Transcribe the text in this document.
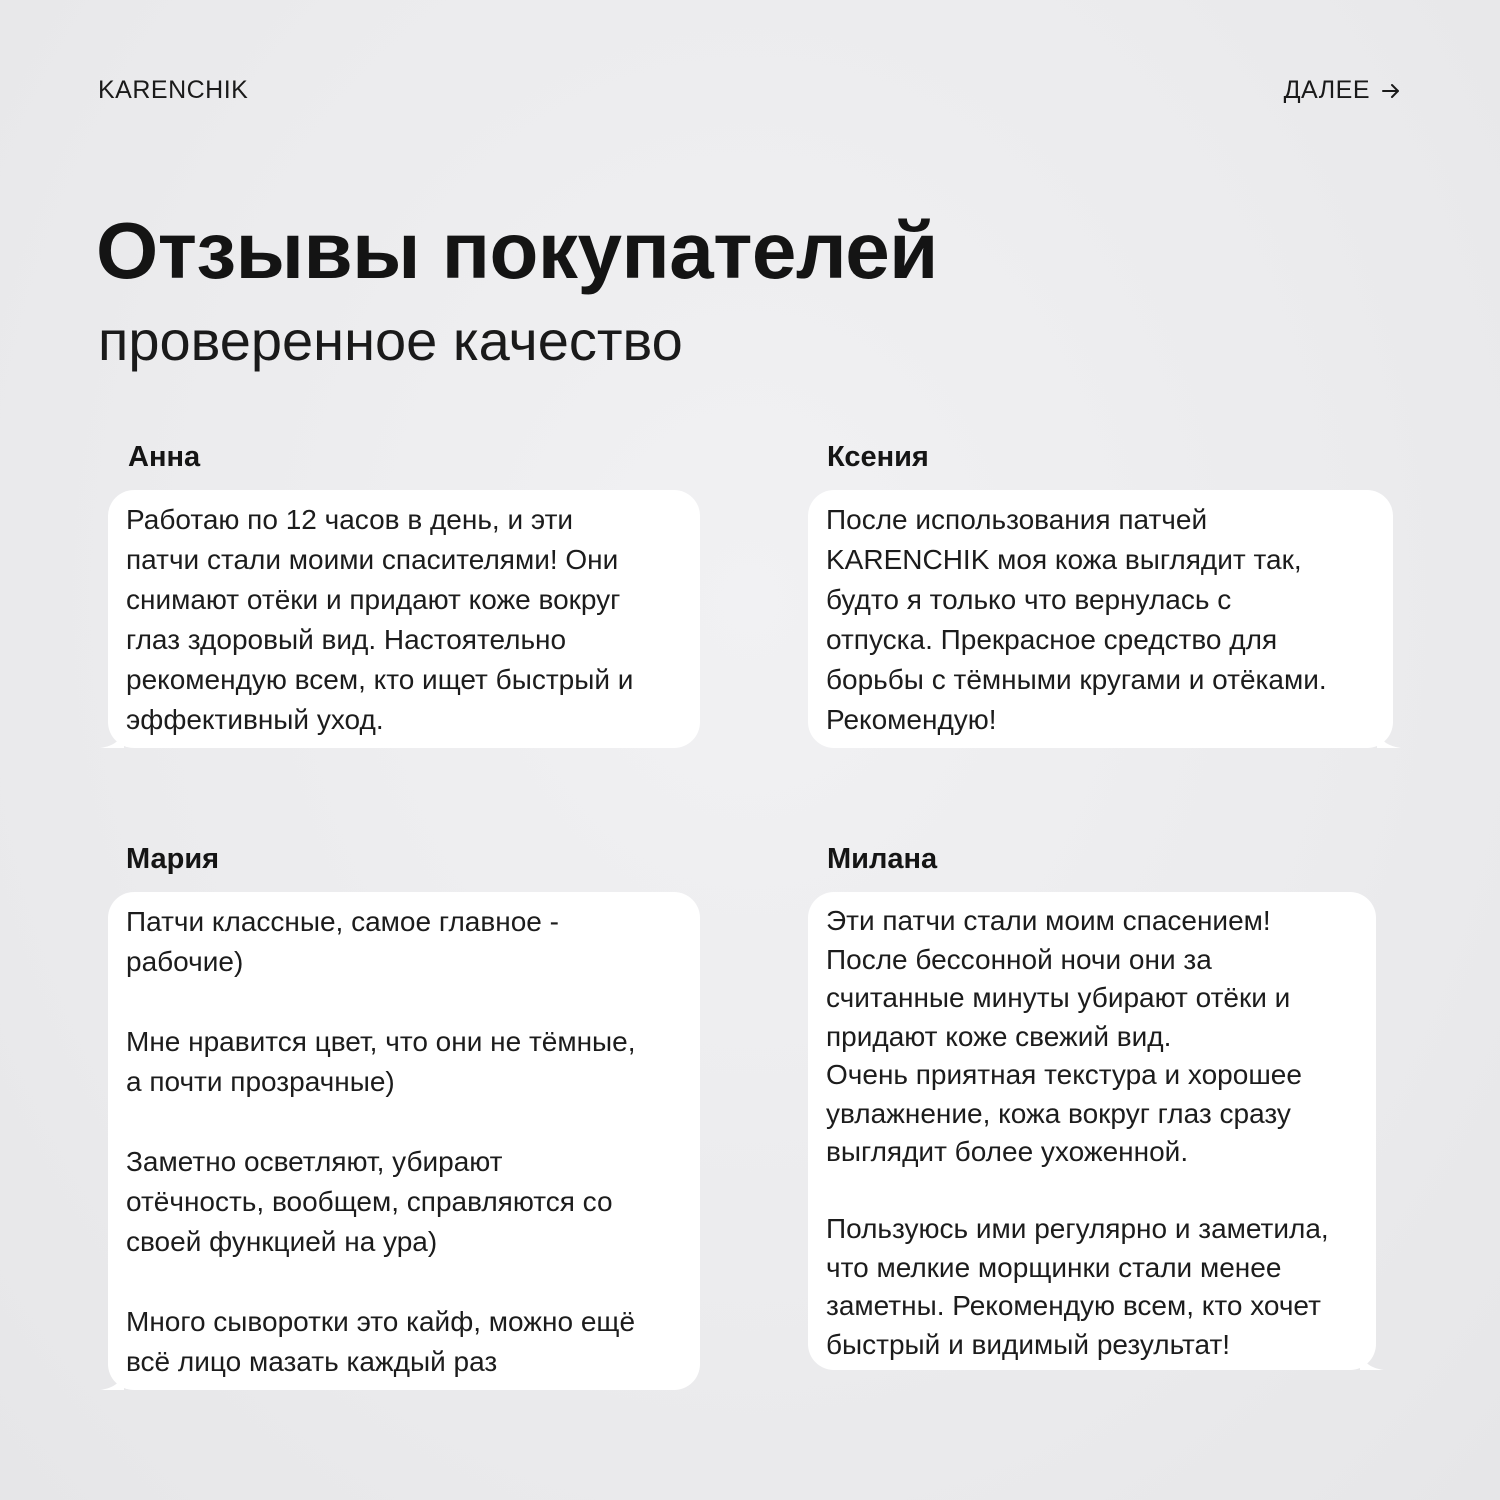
KARENCHIK	ДАЛЕЕ
Отзывы покупателей
проверенное качество
Анна

Работаю по 12 часов в день, и эти
патчи стали моими спасителями! Они
снимают отёки и придают коже вокруг
глаз здоровый вид. Настоятельно
рекомендую всем, кто ищет быстрый и
эффективный уход.

Ксения

После использования патчей
KARENCHIK моя кожа выглядит так,
будто я только что вернулась с
отпуска. Прекрасное средство для
борьбы с тёмными кругами и отёками.
Рекомендую!

Мария

Патчи классные, самое главное -
рабочие)

Мне нравится цвет, что они не тёмные,
а почти прозрачные)

Заметно осветляют, убирают
отёчность, вообщем, справляются со
своей функцией на ура)

Много сыворотки это кайф, можно ещё
всё лицо мазать каждый раз

Милана

Эти патчи стали моим спасением!
После бессонной ночи они за
считанные минуты убирают отёки и
придают коже свежий вид.
Очень приятная текстура и хорошее
увлажнение, кожа вокруг глаз сразу
выглядит более ухоженной.

Пользуюсь ими регулярно и заметила,
что мелкие морщинки стали менее
заметны. Рекомендую всем, кто хочет
быстрый и видимый результат!
